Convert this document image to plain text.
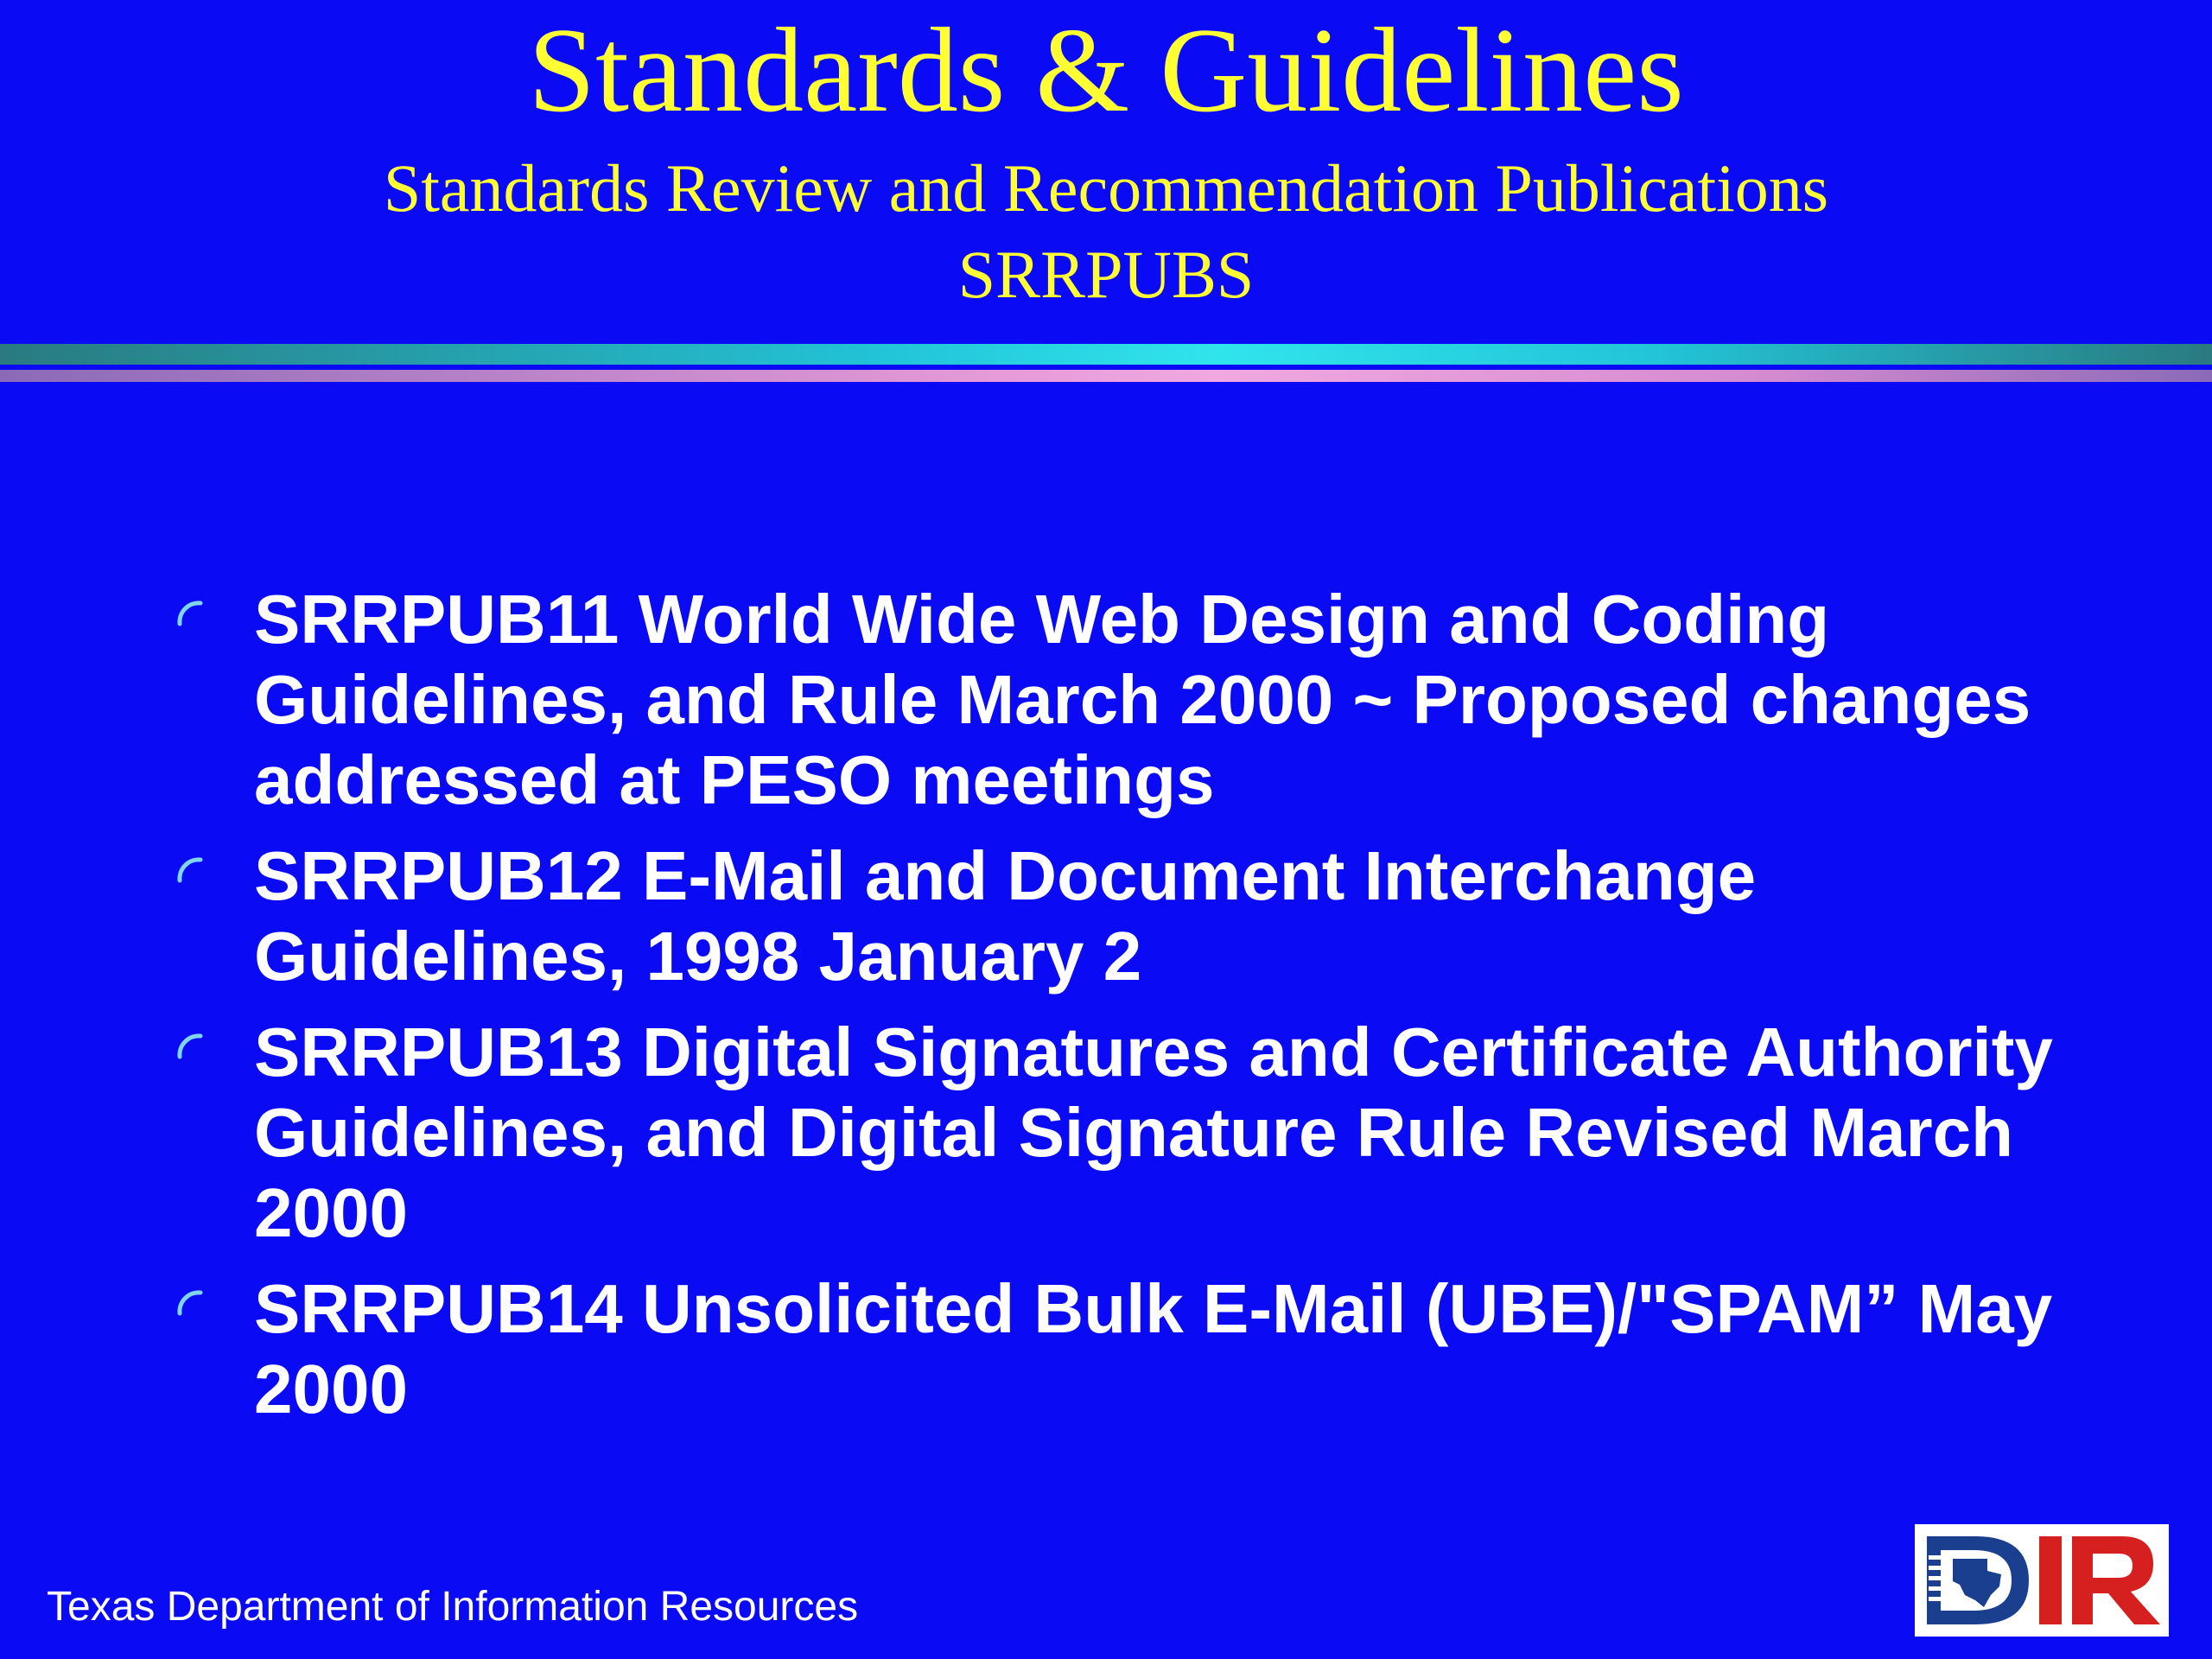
Standards & Guidelines
Standards Review and Recommendation Publications
SRRPUBS
SRRPUB11 World Wide Web Design and Coding Guidelines, and Rule March 2000 ~ Proposed changes addressed at PESO meetings
SRRPUB12 E-Mail and Document Interchange Guidelines, 1998 January 2
SRRPUB13 Digital Signatures and Certificate Authority Guidelines, and Digital Signature Rule Revised March 2000
SRRPUB14 Unsolicited Bulk E-Mail (UBE)/"SPAM” May 2000
Texas Department of Information Resources
